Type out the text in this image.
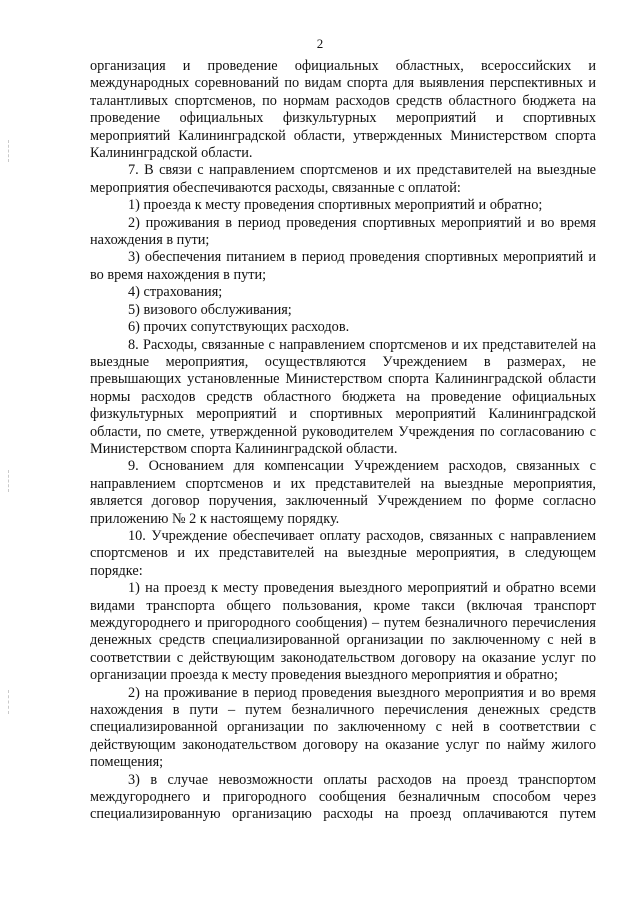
2

организация и проведение официальных областных, всероссийских и международных соревнований по видам спорта для выявления перспективных и талантливых спортсменов, по нормам расходов средств областного бюджета на проведение официальных физкультурных мероприятий и спортивных мероприятий Калининградской области, утвержденных Министерством спорта Калининградской области.

7. В связи с направлением спортсменов и их представителей на выездные мероприятия обеспечиваются расходы, связанные с оплатой:

1) проезда к месту проведения спортивных мероприятий и обратно;

2) проживания в период проведения спортивных мероприятий и во время нахождения в пути;

3) обеспечения питанием в период проведения спортивных мероприятий и во время нахождения в пути;

4) страхования;

5) визового обслуживания;

6) прочих сопутствующих расходов.

8. Расходы, связанные с направлением спортсменов и их представителей на выездные мероприятия, осуществляются Учреждением в размерах, не превышающих установленные Министерством спорта Калининградской области нормы расходов средств областного бюджета на проведение официальных физкультурных мероприятий и спортивных мероприятий Калининградской области, по смете, утвержденной руководителем Учреждения по согласованию с Министерством спорта Калининградской области.

9. Основанием для компенсации Учреждением расходов, связанных с направлением спортсменов и их представителей на выездные мероприятия, является договор поручения, заключенный Учреждением по форме согласно приложению № 2 к настоящему порядку.

10. Учреждение обеспечивает оплату расходов, связанных с направлением спортсменов и их представителей на выездные мероприятия, в следующем порядке:

1) на проезд к месту проведения выездного мероприятий и обратно всеми видами транспорта общего пользования, кроме такси (включая транспорт междугороднего и пригородного сообщения) – путем безналичного перечисления денежных средств специализированной организации по заключенному с ней в соответствии с действующим законодательством договору на оказание услуг по организации проезда к месту проведения выездного мероприятия и обратно;

2) на проживание в период проведения выездного мероприятия и во время нахождения в пути – путем безналичного перечисления денежных средств специализированной организации по заключенному с ней в соответствии с действующим законодательством договору на оказание услуг по найму жилого помещения;

3) в случае невозможности оплаты расходов на проезд транспортом междугороднего и пригородного сообщения безналичным способом через специализированную организацию расходы на проезд оплачиваются путем
